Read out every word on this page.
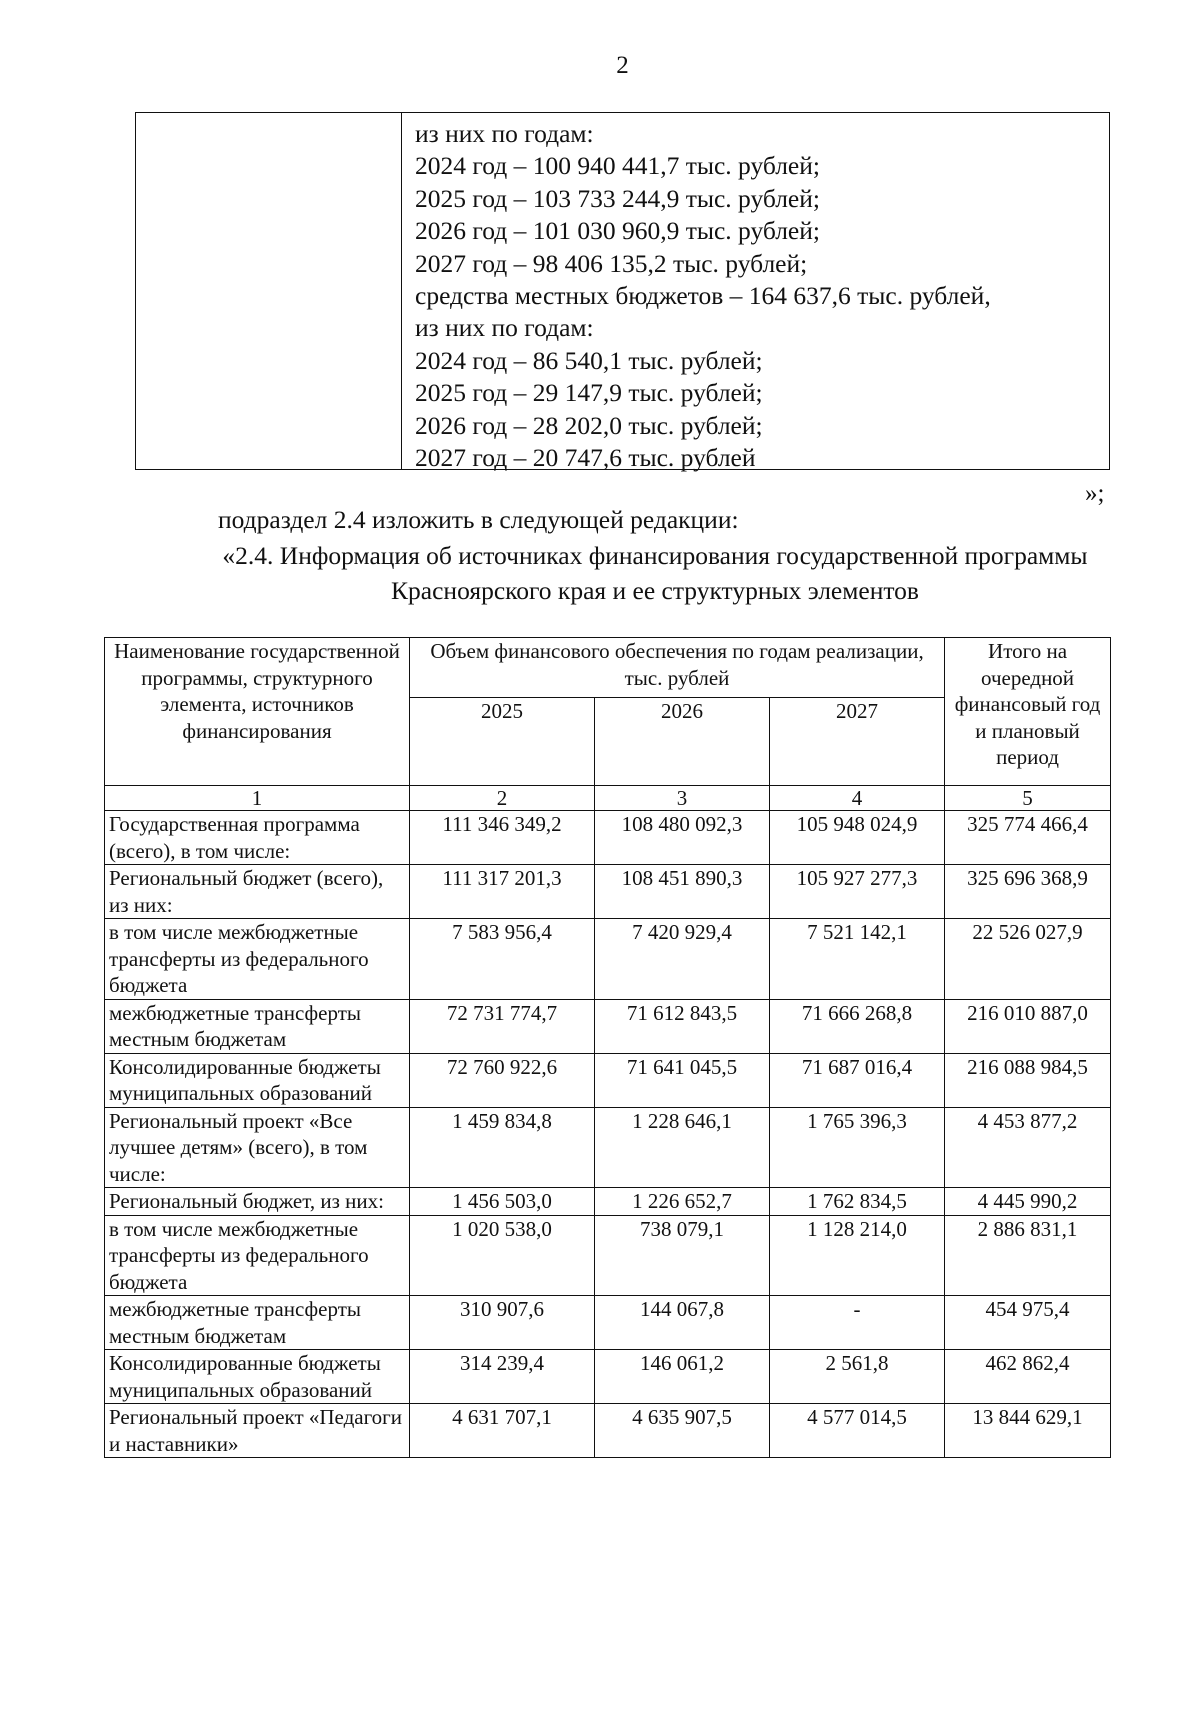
2
из них по годам:
2024 год – 100 940 441,7 тыс. рублей;
2025 год – 103 733 244,9 тыс. рублей;
2026 год – 101 030 960,9 тыс. рублей;
2027 год – 98 406 135,2 тыс. рублей;
средства местных бюджетов – 164 637,6 тыс. рублей,
из них по годам:
2024 год – 86 540,1 тыс. рублей;
2025 год – 29 147,9 тыс. рублей;
2026 год – 28 202,0 тыс. рублей;
2027 год – 20 747,6 тыс. рублей
»;
подраздел 2.4 изложить в следующей редакции:
«2.4. Информация об источниках финансирования государственной программы
Красноярского края и ее структурных элементов
Наименование государственной программы, структурного элемента, источников финансирования	Объем финансового обеспечения по годам реализации, тыс. рублей			Итого на очередной финансовый год и плановый период
	2025	2026	2027	
1	2	3	4	5
Государственная программа (всего), в том числе:	111 346 349,2	108 480 092,3	105 948 024,9	325 774 466,4
Региональный бюджет (всего), из них:	111 317 201,3	108 451 890,3	105 927 277,3	325 696 368,9
в том числе межбюджетные трансферты из федерального бюджета	7 583 956,4	7 420 929,4	7 521 142,1	22 526 027,9
межбюджетные трансферты местным бюджетам	72 731 774,7	71 612 843,5	71 666 268,8	216 010 887,0
Консолидированные бюджеты муниципальных образований	72 760 922,6	71 641 045,5	71 687 016,4	216 088 984,5
Региональный проект «Все лучшее детям» (всего), в том числе:	1 459 834,8	1 228 646,1	1 765 396,3	4 453 877,2
Региональный бюджет, из них:	1 456 503,0	1 226 652,7	1 762 834,5	4 445 990,2
в том числе межбюджетные трансферты из федерального бюджета	1 020 538,0	738 079,1	1 128 214,0	2 886 831,1
межбюджетные трансферты местным бюджетам	310 907,6	144 067,8	-	454 975,4
Консолидированные бюджеты муниципальных образований	314 239,4	146 061,2	2 561,8	462 862,4
Региональный проект «Педагоги и наставники»	4 631 707,1	4 635 907,5	4 577 014,5	13 844 629,1
